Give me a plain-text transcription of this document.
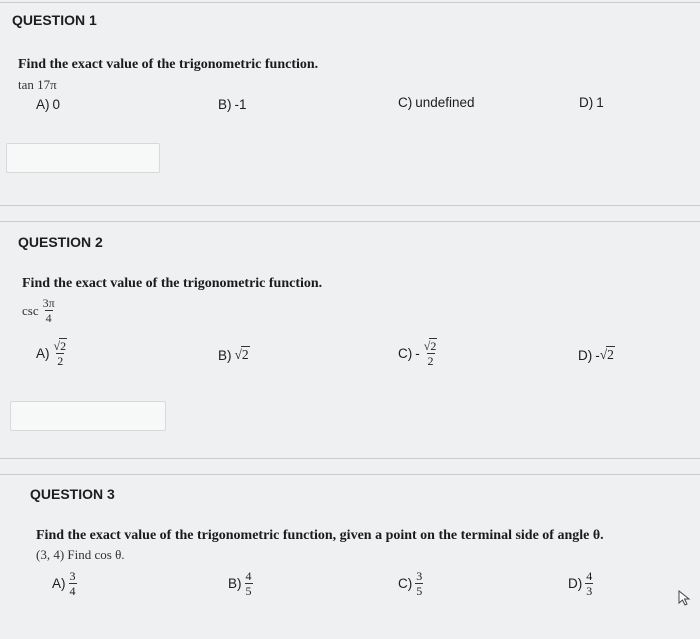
QUESTION 1
Find the exact value of the trigonometric function.
tan 17π
A) 0	B) -1	C) undefined	D) 1
QUESTION 2
Find the exact value of the trigonometric function.
$\csc \frac{3\pi}{4}$
$A) \frac{√2}{2}$	B) √2	$C) - \frac{√2}{2}$	D) - √2
QUESTION 3
Find the exact value of the trigonometric function, given a point on the terminal side of angle θ.
(3, 4) Find cos θ.
$A) \frac{3}{4}$	$B) \frac{4}{5}$	$C) \frac{3}{5}$	$D) \frac{4}{3}$
